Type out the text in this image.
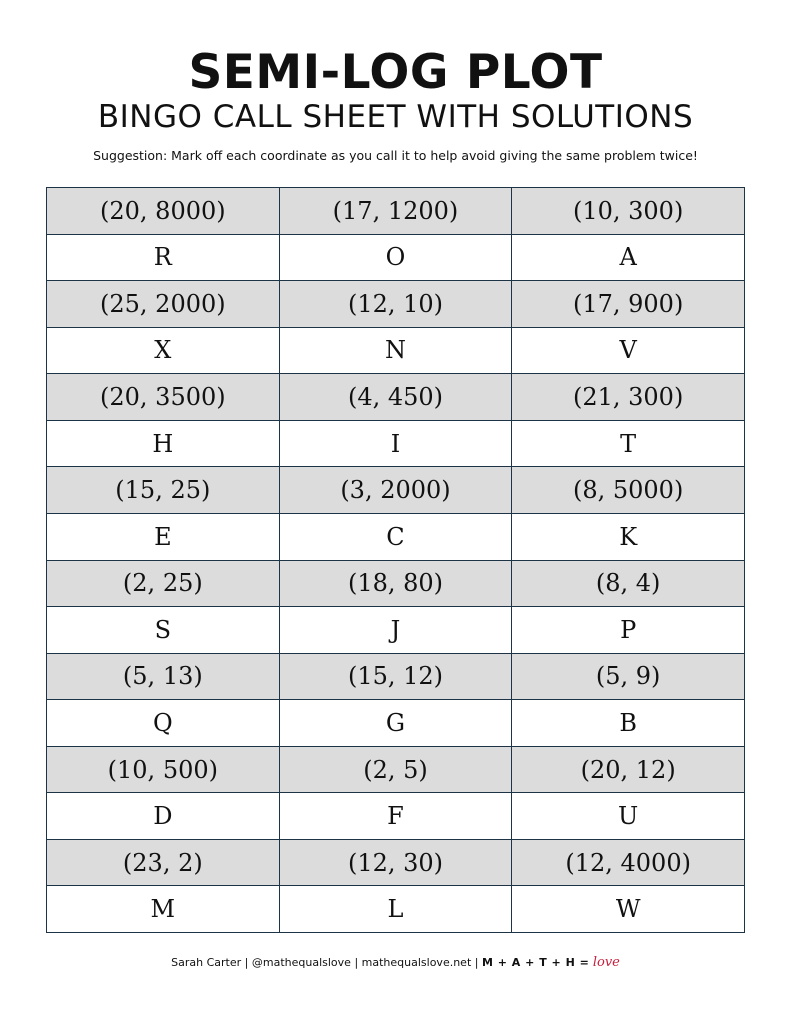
SEMI-LOG PLOT
BINGO CALL SHEET WITH SOLUTIONS
Suggestion: Mark off each coordinate as you call it to help avoid giving the same problem twice!
(20, 8000)	(17, 1200)	(10, 300)
R	O	A
(25, 2000)	(12, 10)	(17, 900)
X	N	V
(20, 3500)	(4, 450)	(21, 300)
H	I	T
(15, 25)	(3, 2000)	(8, 5000)
E	C	K
(2, 25)	(18, 80)	(8, 4)
S	J	P
(5, 13)	(15, 12)	(5, 9)
Q	G	B
(10, 500)	(2, 5)	(20, 12)
D	F	U
(23, 2)	(12, 30)	(12, 4000)
M	L	W
Sarah Carter | @mathequalslove | mathequalslove.net | M + A + T + H = love
